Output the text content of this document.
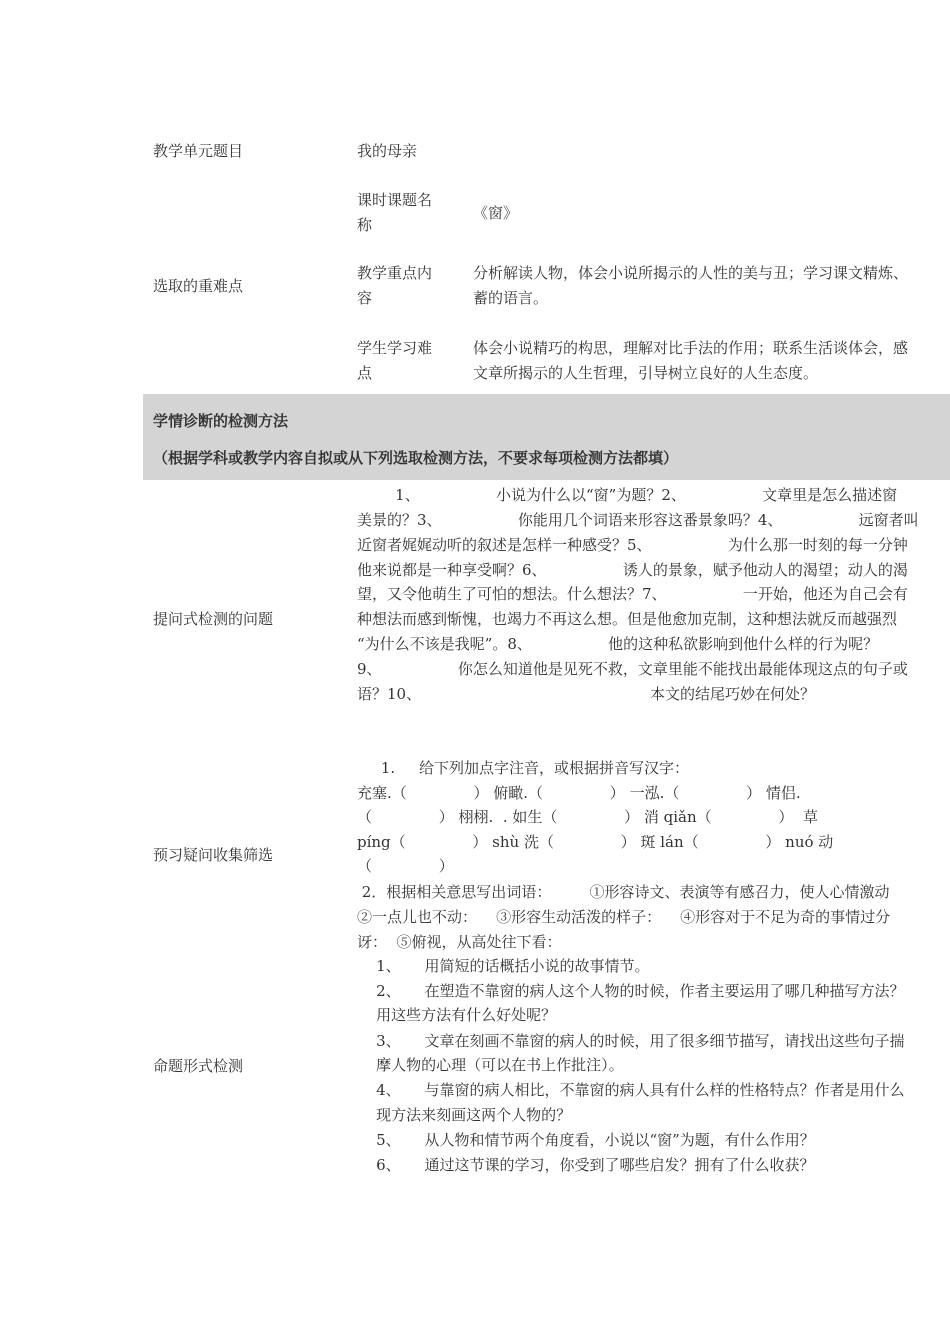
教学单元题目	我的母亲
课时课题名
称
《窗》
选取的重难点
教学重点内
容
分析解读人物，体会小说所揭示的人性的美与丑；学习课文精炼、
蓄的语言。
学生学习难
点
体会小说精巧的构思，理解对比手法的作用；联系生活谈体会，感
文章所揭示的人生哲理，引导树立良好的人生态度。
学情诊断的检测方法
（根据学科或教学内容自拟或从下列选取检测方法，不要求每项检测方法都填）
提问式检测的问题
1、                小说为什么以“窗”为题？2、                文章里是怎么描述窗
美景的？3、                你能用几个词语来形容这番景象吗？4、                远窗者叫
近窗者娓娓动听的叙述是怎样一种感受？5、                为什么那一时刻的每一分钟
他来说都是一种享受啊？6、                诱人的景象，赋予他动人的渴望；动人的渴
望，又令他萌生了可怕的想法。什么想法？7、                一开始，他还为自己会有
种想法而感到惭愧，也竭力不再这么想。但是他愈加克制，这种想法就反而越强烈
“为什么不该是我呢”。8、                他的这种私欲影响到他什么样的行为呢？
9、                你怎么知道他是见死不救，文章里能不能找出最能体现这点的句子或
语？10、                                                本文的结尾巧妙在何处？
预习疑问收集筛选
1.     给下列加点字注音，或根据拼音写汉字：
充塞.（              ） 俯瞰.（              ） 一泓.（              ） 情侣.
（              ） 栩栩.  . 如生（              ） 消 qiǎn（              ）  草
píng（              ） shù 洗（              ） 斑 lán（              ） nuó 动
（              ）
2．根据相关意思写出词语：        ①形容诗文、表演等有感召力，使人心情激动
②一点儿也不动：    ③形容生动活泼的样子：    ④形容对于不足为奇的事情过分
讶：  ⑤俯视，从高处往下看：
命题形式检测
1、     用简短的话概括小说的故事情节。
2、     在塑造不靠窗的病人这个人物的时候，作者主要运用了哪几种描写方法？
用这些方法有什么好处呢？
3、     文章在刻画不靠窗的病人的时候，用了很多细节描写，请找出这些句子揣
摩人物的心理（可以在书上作批注）。
4、     与靠窗的病人相比，不靠窗的病人具有什么样的性格特点？作者是用什么
现方法来刻画这两个人物的？
5、     从人物和情节两个角度看，小说以“窗”为题，有什么作用？
6、     通过这节课的学习，你受到了哪些启发？拥有了什么收获？
